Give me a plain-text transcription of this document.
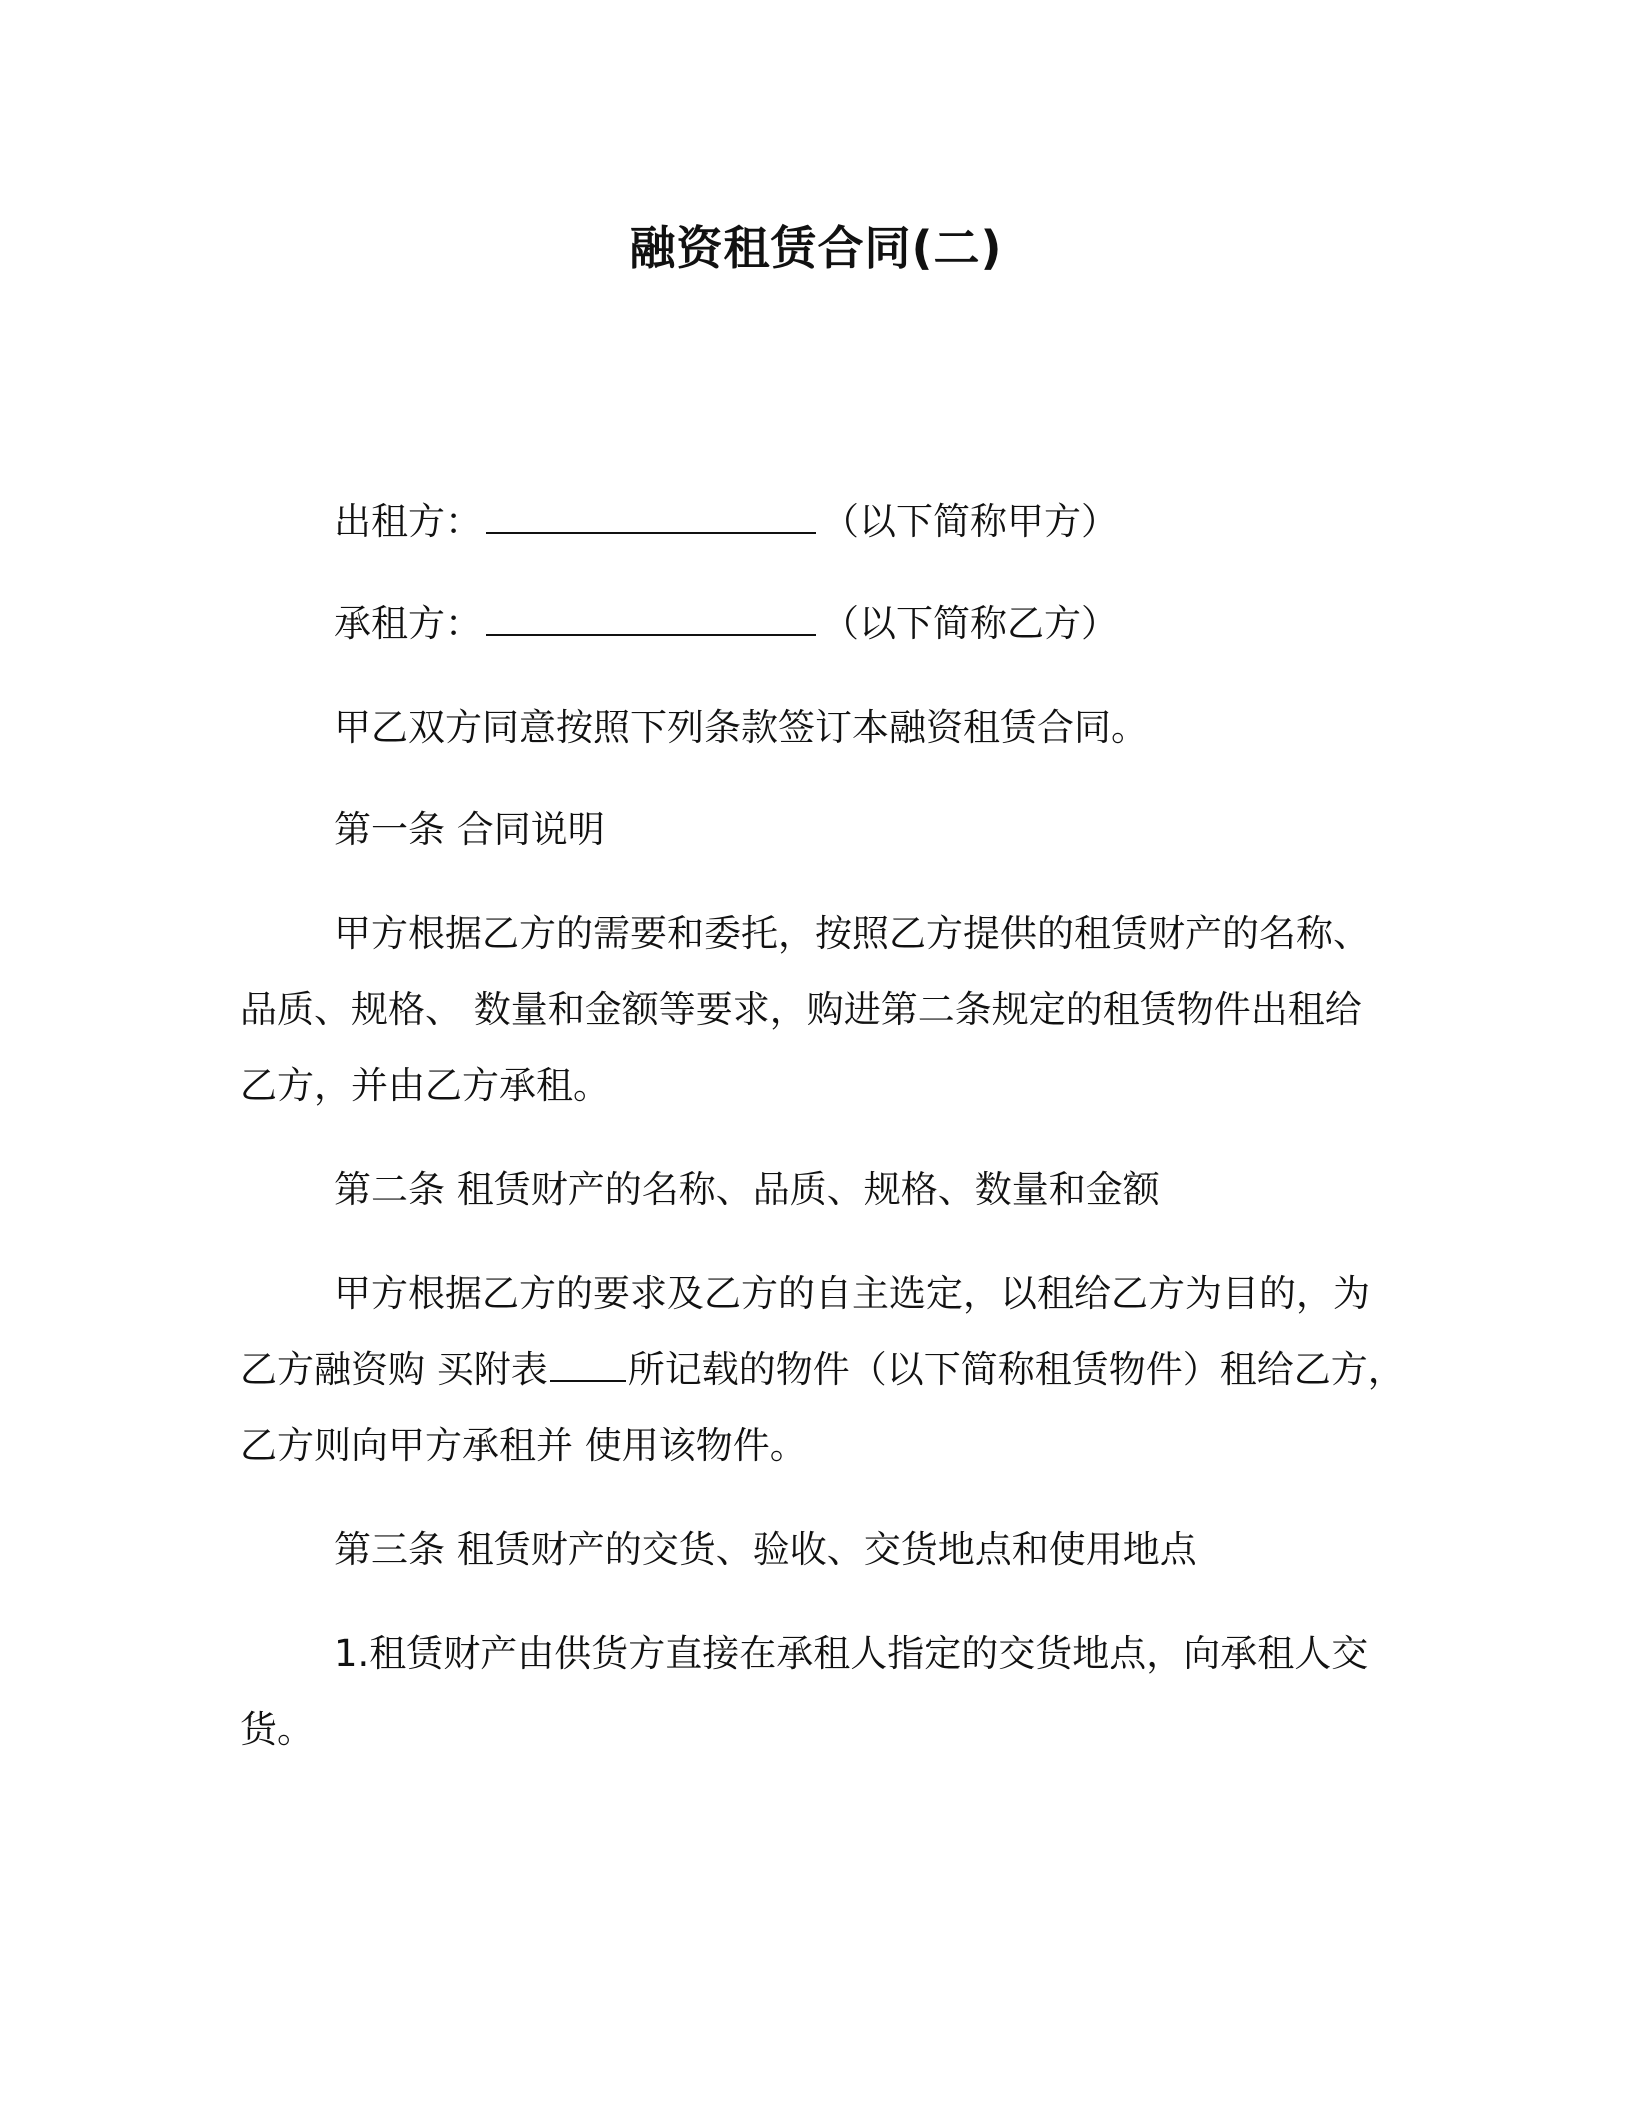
融资租赁合同(二)
出租方：	（以下简称甲方）
承租方：	（以下简称乙方）
甲乙双方同意按照下列条款签订本融资租赁合同。
第一条 合同说明
甲方根据乙方的需要和委托，按照乙方提供的租赁财产的名称、
品质、规格、 数量和金额等要求，购进第二条规定的租赁物件出租给
乙方，并由乙方承租。
第二条 租赁财产的名称、品质、规格、数量和金额
甲方根据乙方的要求及乙方的自主选定，以租给乙方为目的，为
乙方融资购 买附表 所记载的物件（以下简称租赁物件）租给乙方，
乙方则向甲方承租并 使用该物件。
第三条 租赁财产的交货、验收、交货地点和使用地点
1.租赁财产由供货方直接在承租人指定的交货地点，向承租人交
货。
